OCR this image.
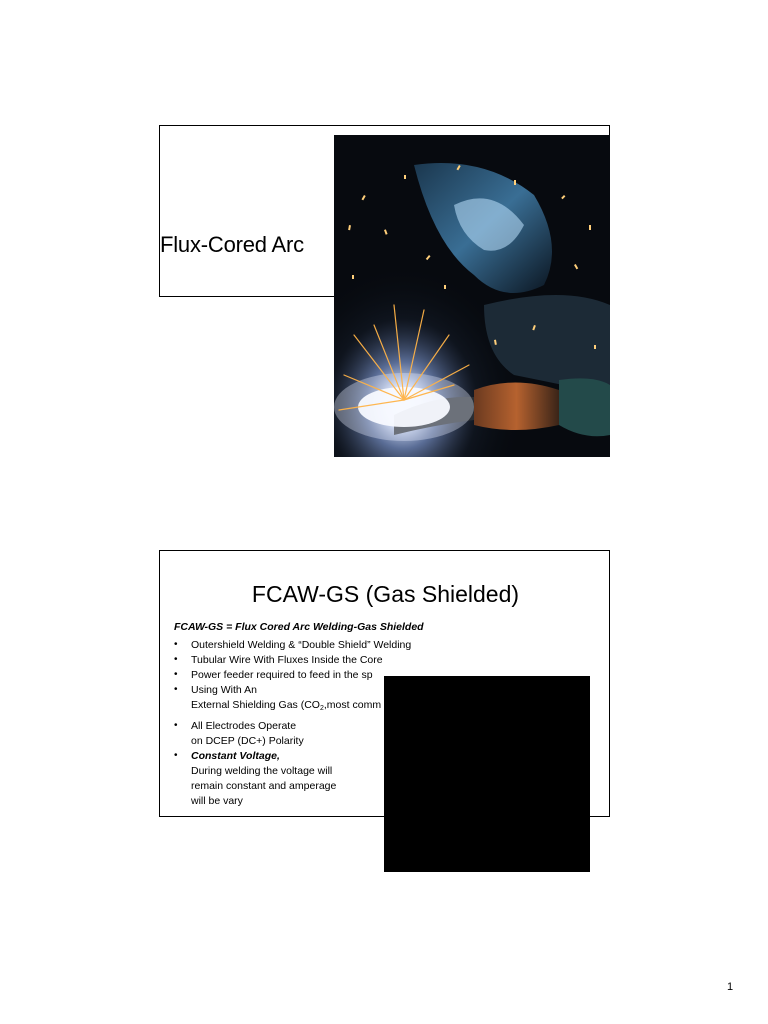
Flux-Cored Arc
FCAW-GS (Gas Shielded)
FCAW-GS = Flux Cored Arc Welding-Gas Shielded
• Outershield Welding & “Double Shield” Welding
• Tubular Wire With Fluxes Inside the Core
• Power feeder required to feed in the sp
• Using With An
External Shielding Gas ($CO_2,most$ comm
• All Electrodes Operate
on DCEP (DC+) Polarity
• Constant Voltage,
During welding the voltage will
remain constant and amperage
will be vary
1
